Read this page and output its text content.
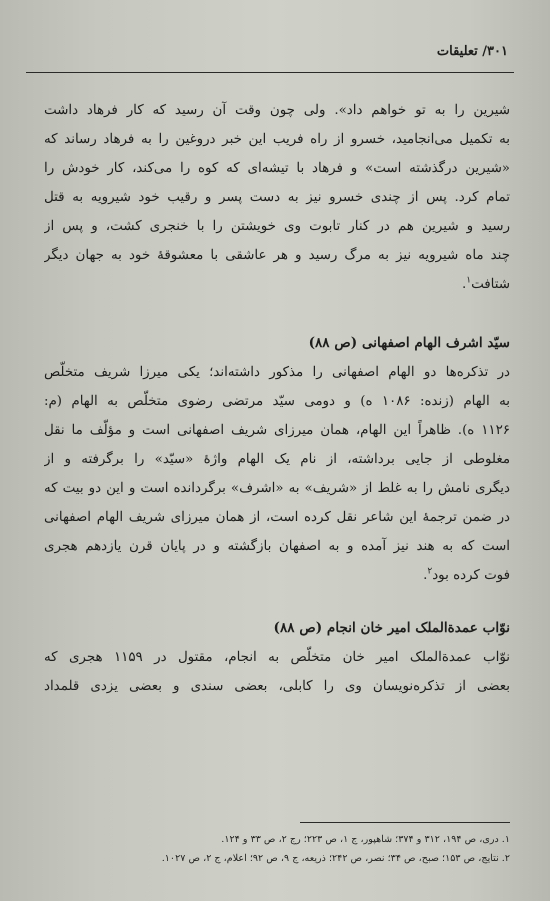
۳۰۱/ تعلیقات
شیرین را به تو خواهم داد». ولی چون وقت آن رسید که کار فرهاد داشت
به تکمیل می‌انجامید، خسرو از راه فریب این خبر دروغین را به فرهاد رساند که
«شیرین درگذشته است» و فرهاد با تیشه‌ای که کوه را می‌کند، کار خودش را
تمام کرد. پس از چندی خسرو نیز به دست پسر و رقیب خود شیرویه به قتل
رسید و شیرین هم در کنار تابوت وی خویشتن را با خنجری کشت، و پس از
چند ماه شیرویه نیز به مرگ رسید و هر عاشقی با معشوقهٔ خود به جهان دیگر
شتافت$^۱$.
سیّد اشرف الهام اصفهانی (ص ۸۸)
در تذکره‌ها دو الهام اصفهانی را مذکور داشته‌اند؛ یکی میرزا شریف متخلّص
به الهام (زنده: ۱۰۸۶ ه) و دومی سیّد مرتضی رضوی متخلّص به الهام (م:
۱۱۲۶ ه). ظاهراً این الهام، همان میرزای شریف اصفهانی است و مؤلّف ما نقل
مغلوطی از جایی برداشته، از نام یک الهام واژهٔ «سیّد» را برگرفته و از
دیگری نامش را به غلط از «شریف» به «اشرف» برگردانده است و این دو بیت که
در ضمن ترجمهٔ این شاعر نقل کرده است، از همان میرزای شریف الهام اصفهانی
است که به هند نیز آمده و به اصفهان بازگشته و در پایان قرن یازدهم هجری
فوت کرده بود$^۲$.
نوّاب عمدة‌الملک امیر خان انجام (ص ۸۸)
نوّاب عمدة‌الملک امیر خان متخلّص به انجام، مقتول در ۱۱۵۹ هجری که
بعضی از تذکره‌نویسان وی را کابلی، بعضی سندی و بعضی یزدی قلمداد
۱. دری، ص ۱۹۴، ۳۱۲ و ۳۷۴؛ شاهپور، ج ۱، ص ۲۲۳؛ رج ۲، ص ۳۳ و ۱۲۴.
۲. نتایج، ص ۱۵۳؛ صبح، ص ۳۴؛ نصر، ص ۲۴۲؛ ذریعه، ج ۹، ص ۹۲؛ اعلام، ج ۲، ص ۱۰۲۷.
